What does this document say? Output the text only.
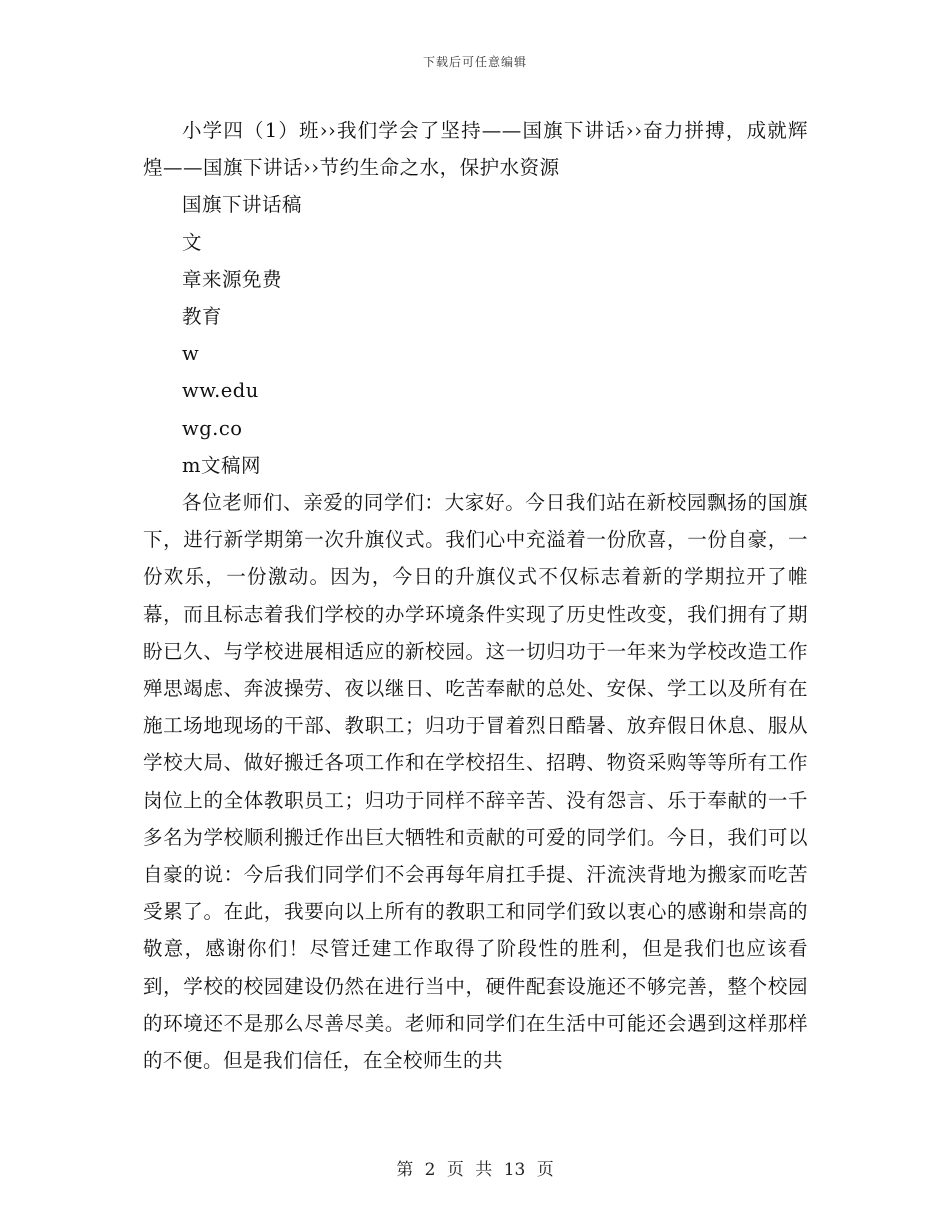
下载后可任意编辑

小学四（1）班››我们学会了坚持——国旗下讲话››奋力拼搏，成就辉煌——国旗下讲话››节约生命之水，保护水资源

国旗下讲话稿
文
章来源免费
教育
w
ww.edu
wg.co
m文稿网

各位老师们、亲爱的同学们：大家好。今日我们站在新校园飘扬的国旗下，进行新学期第一次升旗仪式。我们心中充溢着一份欣喜，一份自豪，一份欢乐，一份激动。因为，今日的升旗仪式不仅标志着新的学期拉开了帷幕，而且标志着我们学校的办学环境条件实现了历史性改变，我们拥有了期盼已久、与学校进展相适应的新校园。这一切归功于一年来为学校改造工作殚思竭虑、奔波操劳、夜以继日、吃苦奉献的总处、安保、学工以及所有在施工场地现场的干部、教职工；归功于冒着烈日酷暑、放弃假日休息、服从学校大局、做好搬迁各项工作和在学校招生、招聘、物资采购等等所有工作岗位上的全体教职员工；归功于同样不辞辛苦、没有怨言、乐于奉献的一千多名为学校顺利搬迁作出巨大牺牲和贡献的可爱的同学们。今日，我们可以自豪的说：今后我们同学们不会再每年肩扛手提、汗流浃背地为搬家而吃苦受累了。在此，我要向以上所有的教职工和同学们致以衷心的感谢和崇高的敬意，感谢你们！尽管迁建工作取得了阶段性的胜利，但是我们也应该看到，学校的校园建设仍然在进行当中，硬件配套设施还不够完善，整个校园的环境还不是那么尽善尽美。老师和同学们在生活中可能还会遇到这样那样的不便。但是我们信任，在全校师生的共

第 2 页 共 13 页
